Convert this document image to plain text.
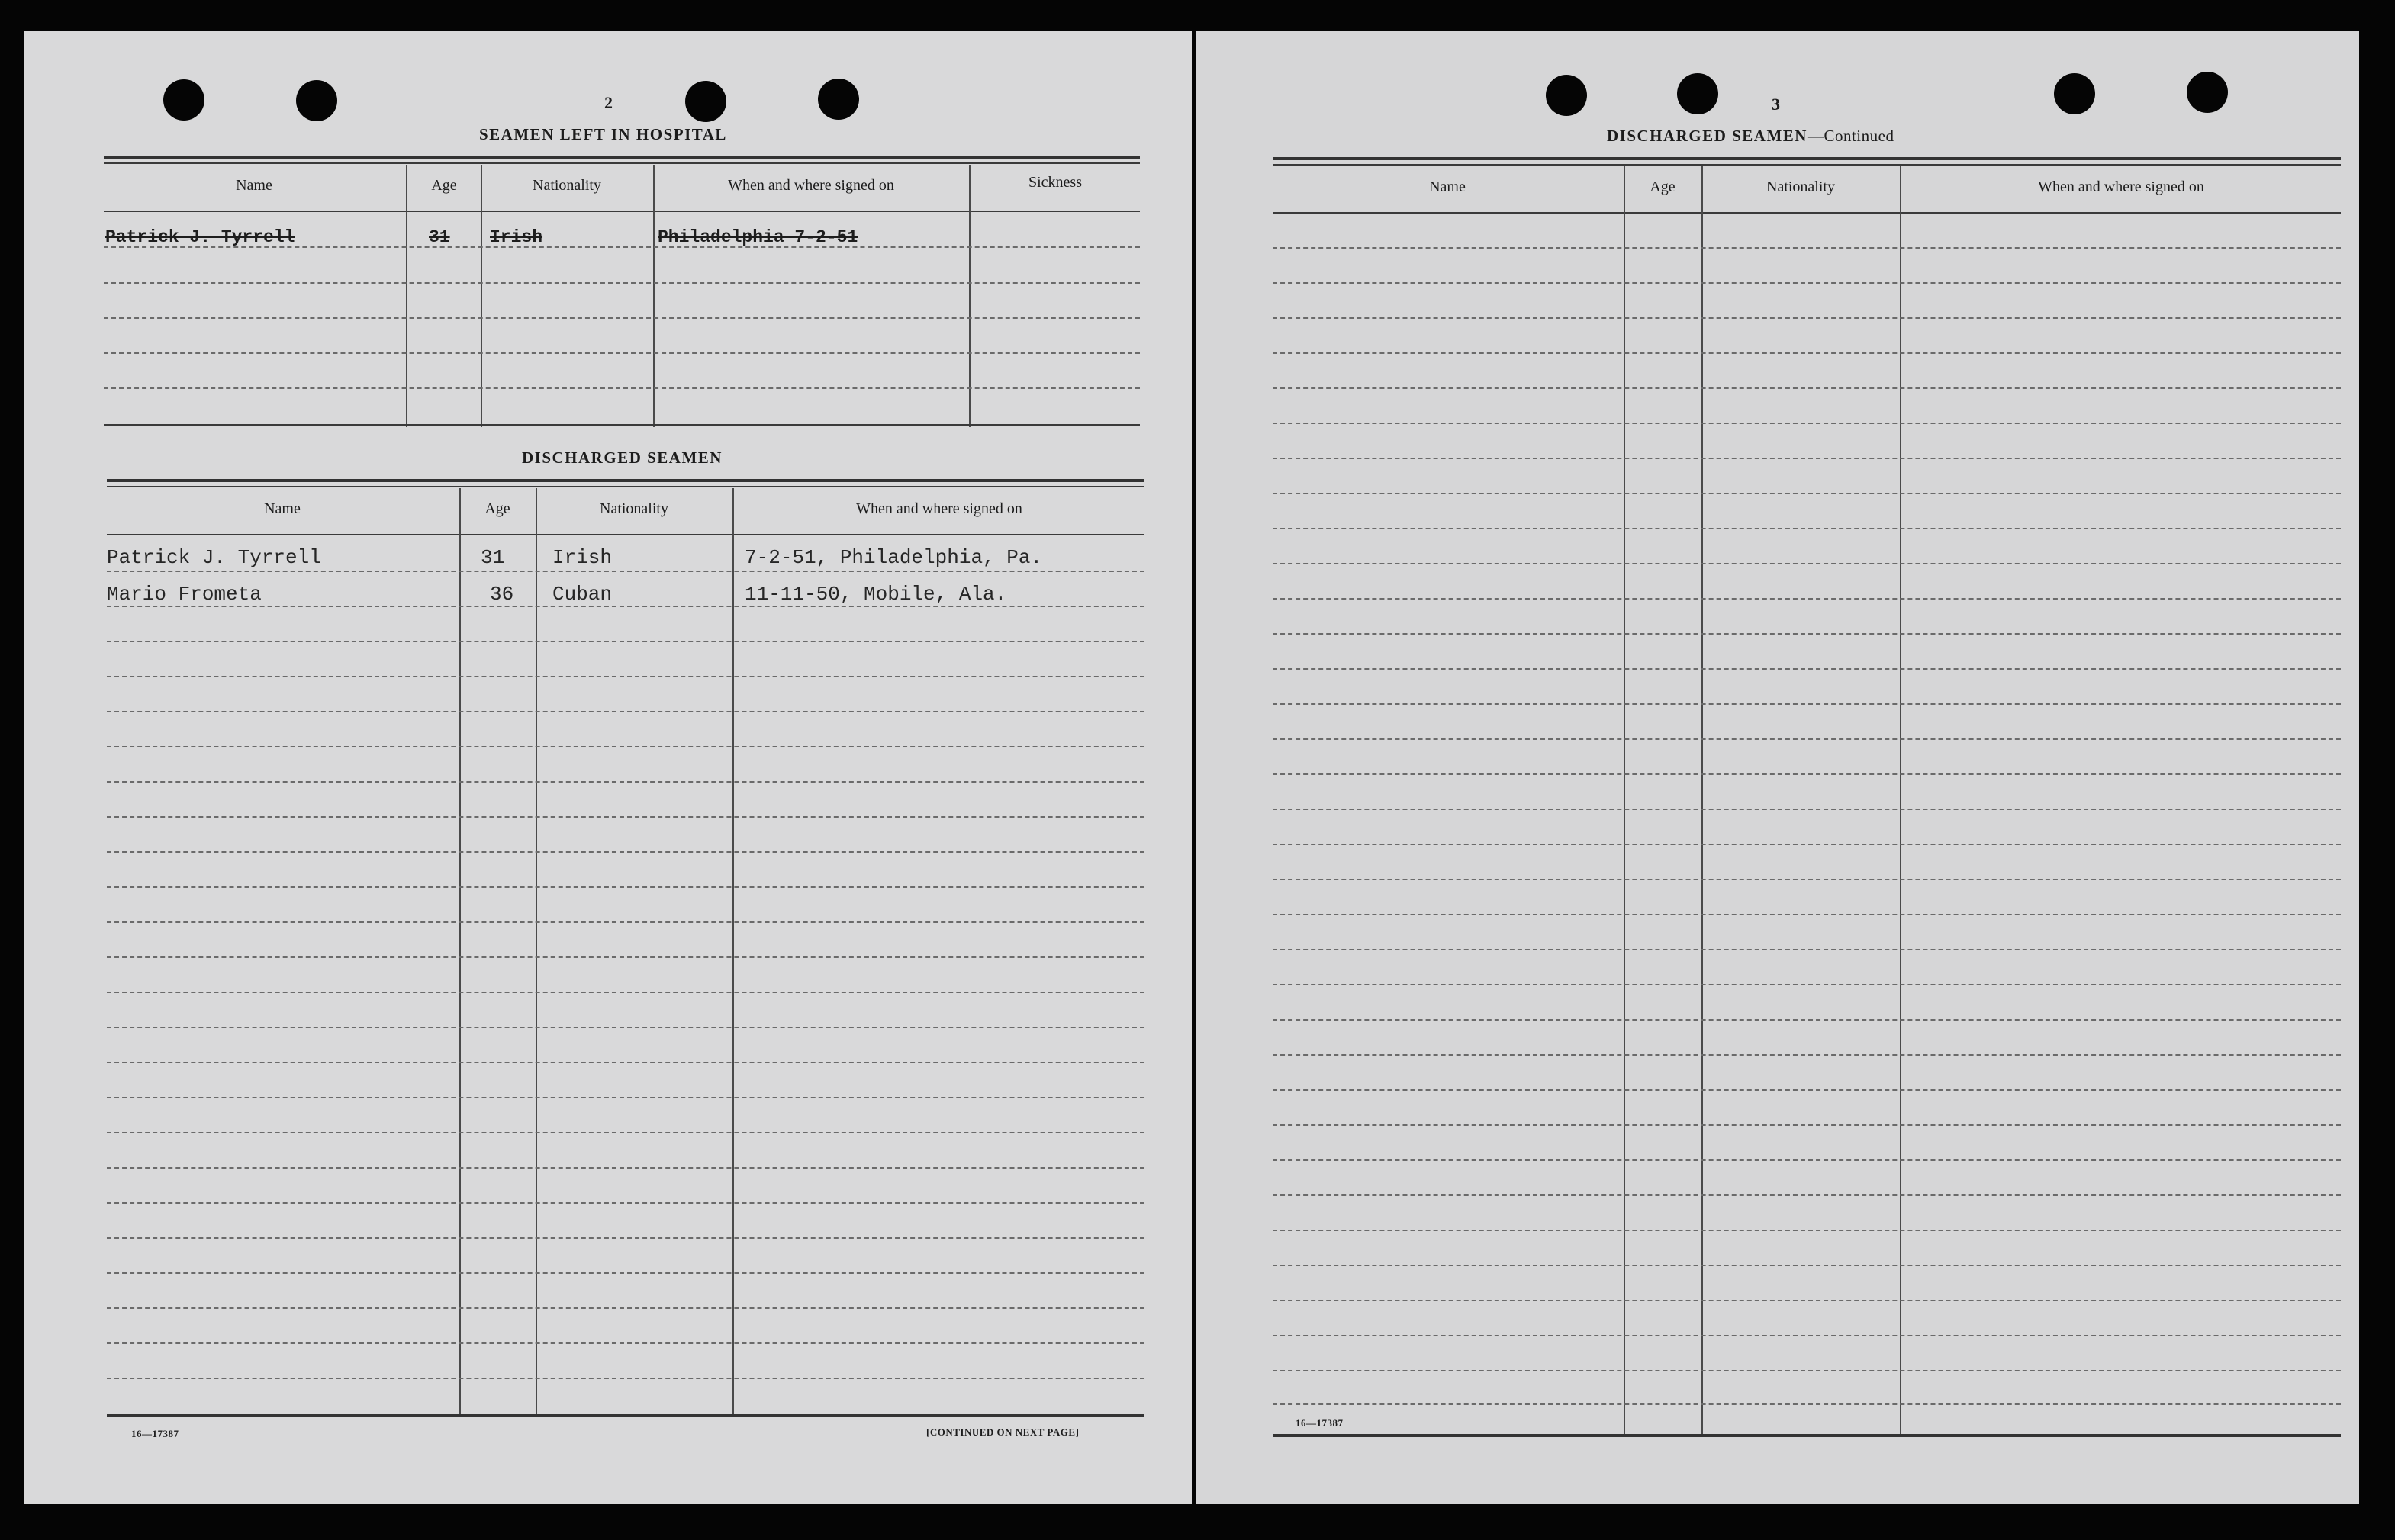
2
SEAMEN LEFT IN HOSPITAL
Name	Age	Nationality	When and where signed on	Sickness
Patrick J. Tyrrell	31 Irish	Philadelphia 7-2-51
DISCHARGED SEAMEN
Name	Age	Nationality	When and where signed on
Patrick J. Tyrrell	31 Irish	7-2-51, Philadelphia, Pa.
Mario Frometa	36 Cuban	11-11-50, Mobile, Ala.
16—17387	[CONTINUED ON NEXT PAGE]
3
DISCHARGED SEAMEN—Continued
Name	Age	Nationality	When and where signed on
16—17387
